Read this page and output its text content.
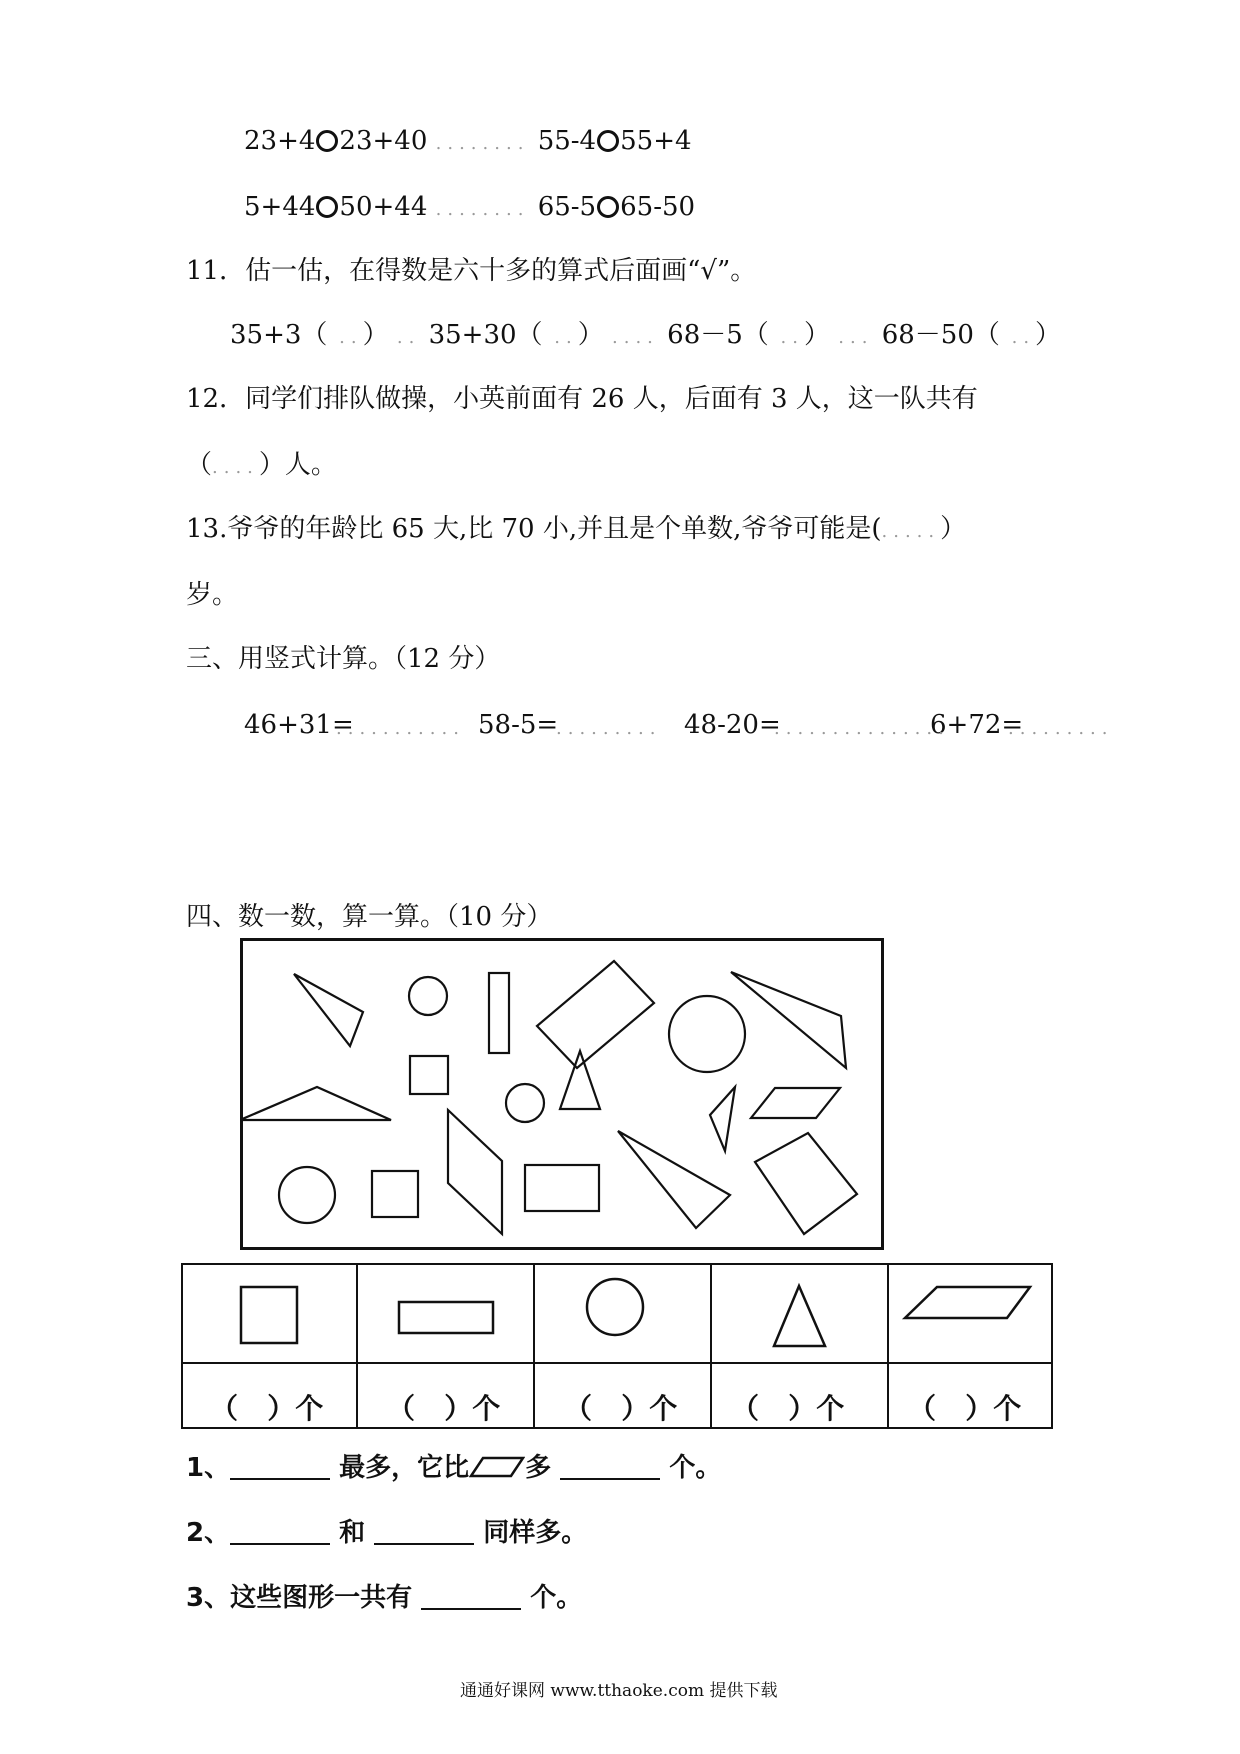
23+4 23+40 ........ 55-4 55+4
5+44 50+44 ........ 65-5 65-50
11．估一估，在得数是六十多的算式后面画“√”。
35+3（ ..） .. 35+30（ ..） .... 68－5（ ..） ... 68－50（ ..）
12．同学们排队做操，小英前面有 26 人，后面有 3 人，这一队共有
（....）人。
13.爷爷的年龄比 65 大,比 70 小,并且是个单数,爷爷可能是(.....）
岁。
三、用竖式计算。（12 分）
46+31=	58-5=	48-20=	6+72=
...........	.........	...............	.........
四、数一数，算一算。（10 分）
（ ）个 （ ）个 （ ）个 （ ）个 （ ）个
1、	最多，它比 多	个。
2、	和	同样多。
3、这些图形一共有	个。
通通好课网 www.tthaoke.com 提供下载
